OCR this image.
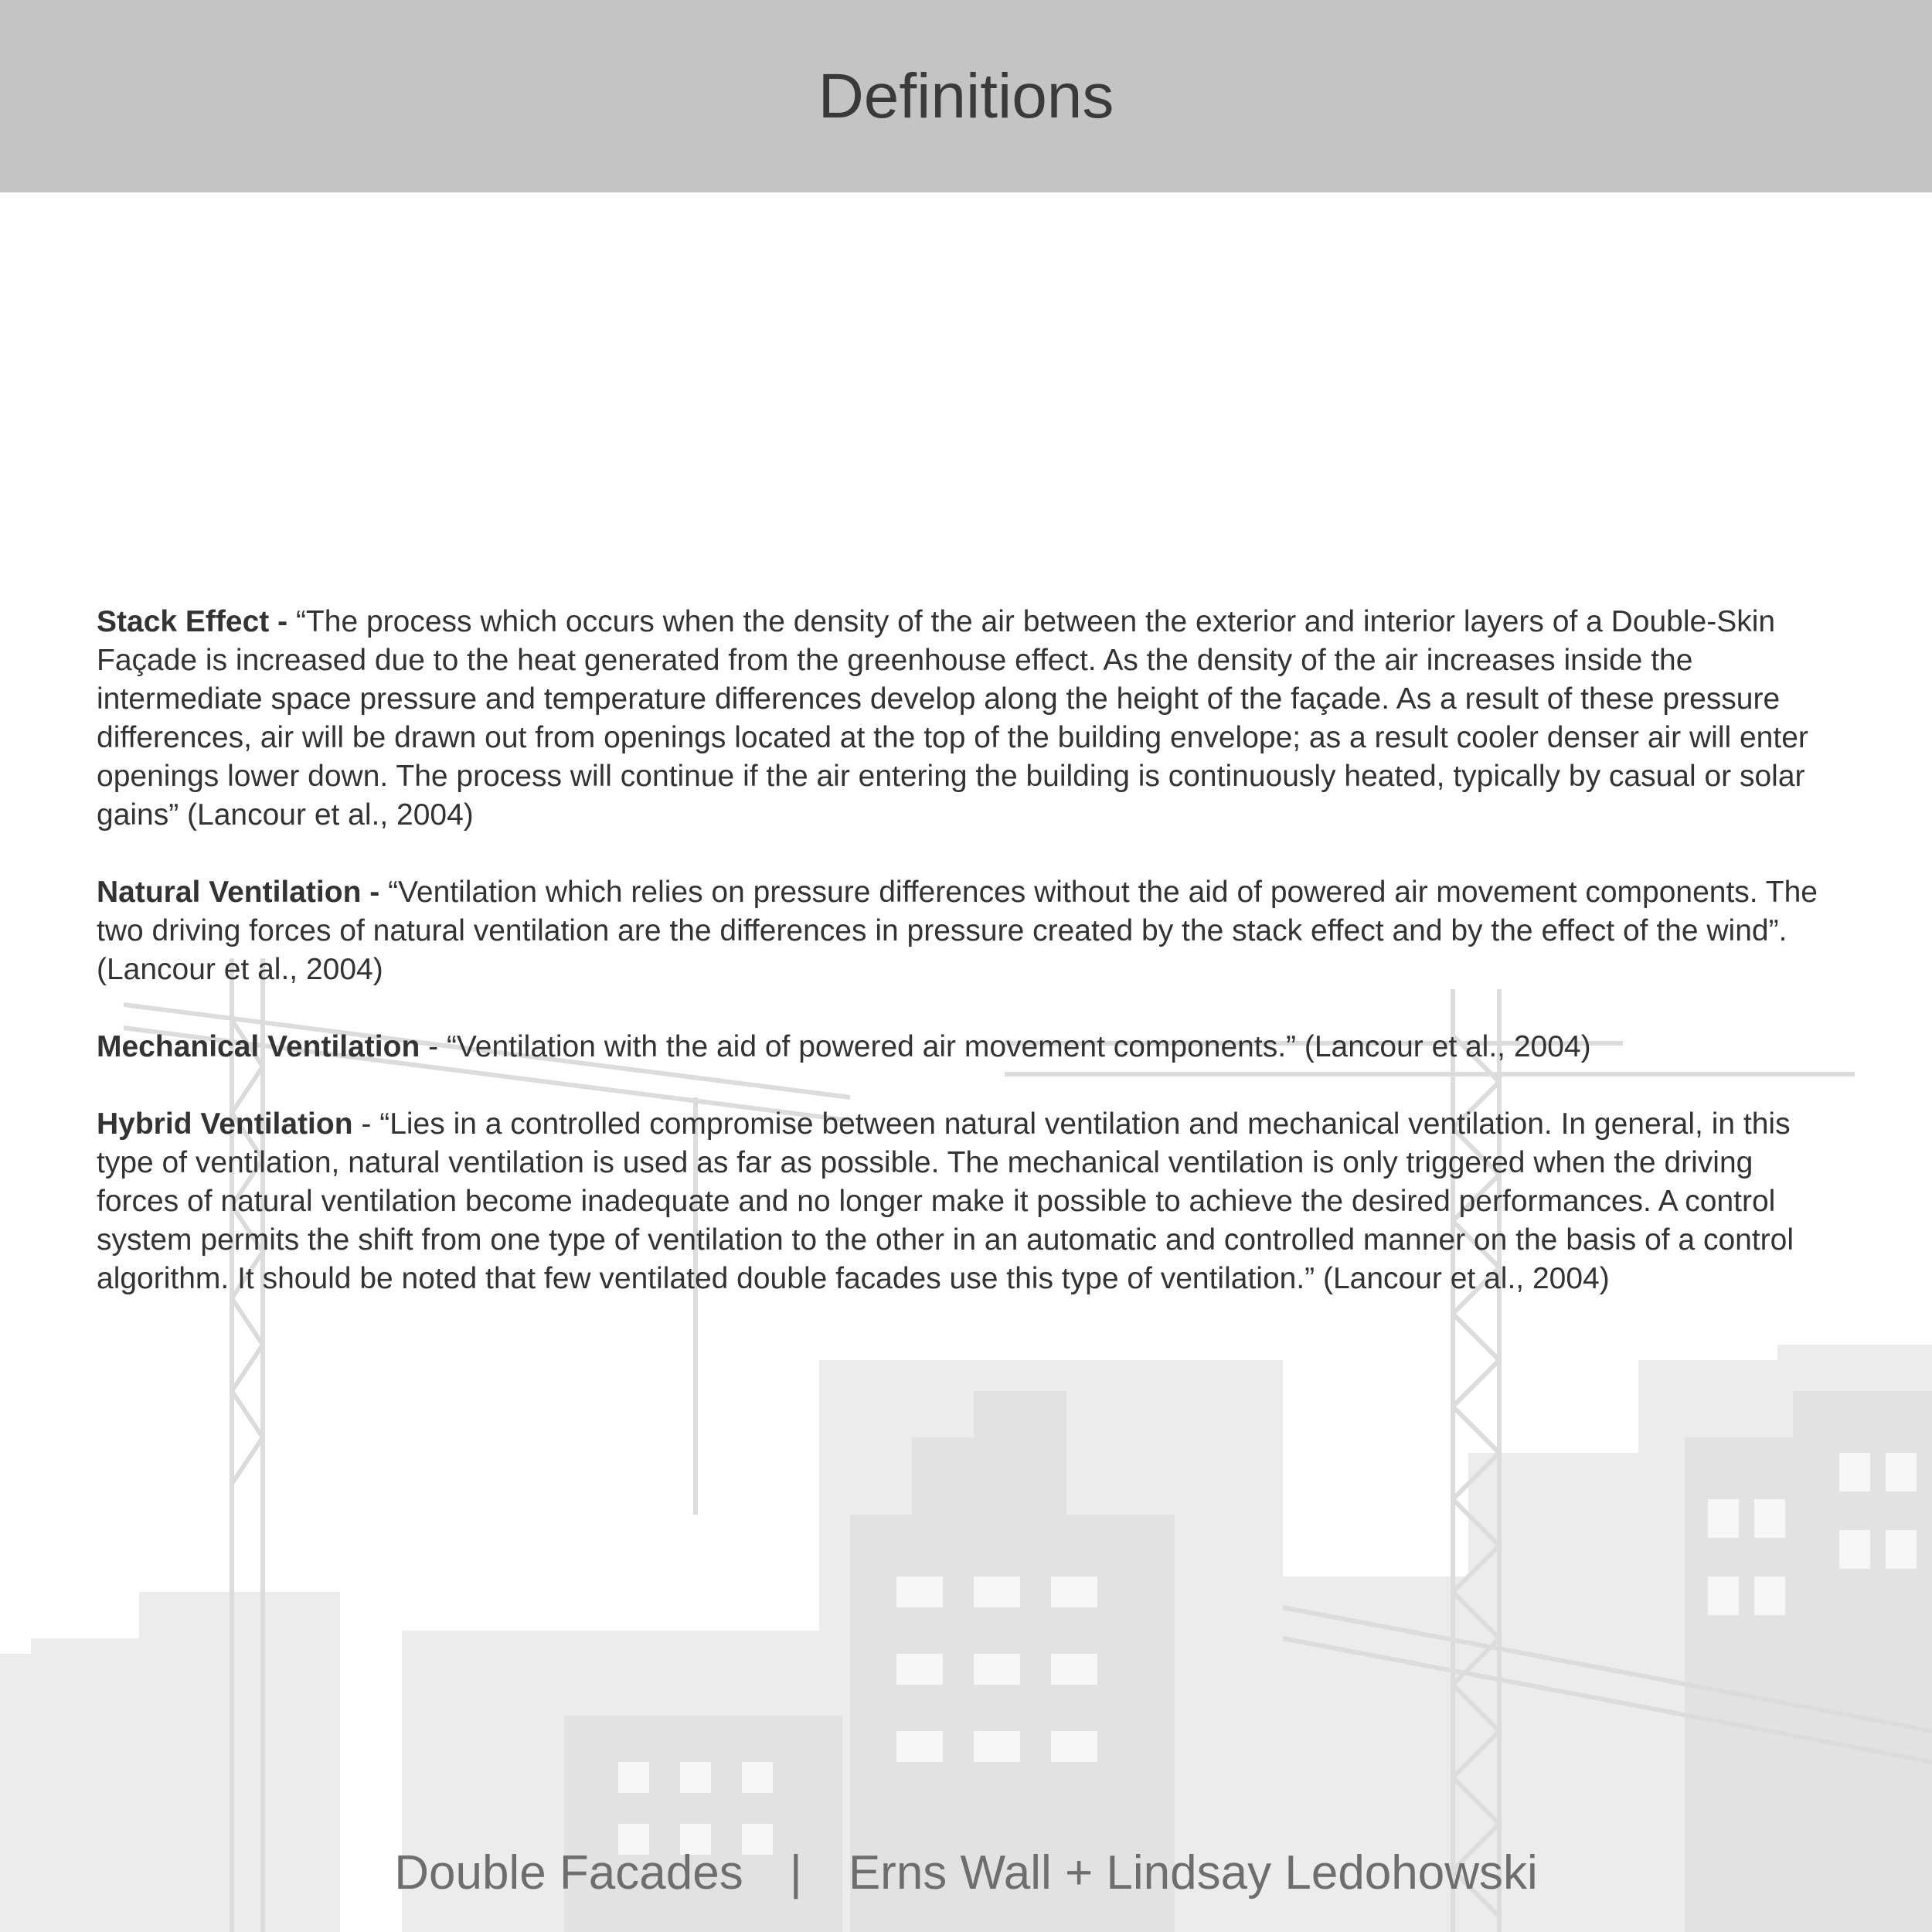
Definitions

Stack Effect - “The process which occurs when the density of the air between the exterior and interior layers of a Double-Skin Façade is increased due to the heat generated from the greenhouse effect. As the density of the air increases inside the intermediate space pressure and temperature differences develop along the height of the façade. As a result of these pressure differences, air will be drawn out from openings located at the top of the building envelope; as a result cooler denser air will enter openings lower down. The process will continue if the air entering the building is continuously heated, typically by casual or solar gains” (Lancour et al., 2004)

Natural Ventilation - “Ventilation which relies on pressure differences without the aid of powered air movement components. The two driving forces of natural ventilation are the differences in pressure created by the stack effect and by the effect of the wind”. (Lancour et al., 2004)

Mechanical Ventilation - “Ventilation with the aid of powered air movement components.” (Lancour et al., 2004)

Hybrid Ventilation - “Lies in a controlled compromise between natural ventilation and mechanical ventilation. In general, in this type of ventilation, natural ventilation is used as far as possible. The mechanical ventilation is only triggered when the driving forces of natural ventilation become inadequate and no longer make it possible to achieve the desired performances. A control system permits the shift from one type of ventilation to the other in an automatic and controlled manner on the basis of a control algorithm. It should be noted that few ventilated double facades use this type of ventilation.” (Lancour et al., 2004)

Double Facades | Erns Wall + Lindsay Ledohowski
